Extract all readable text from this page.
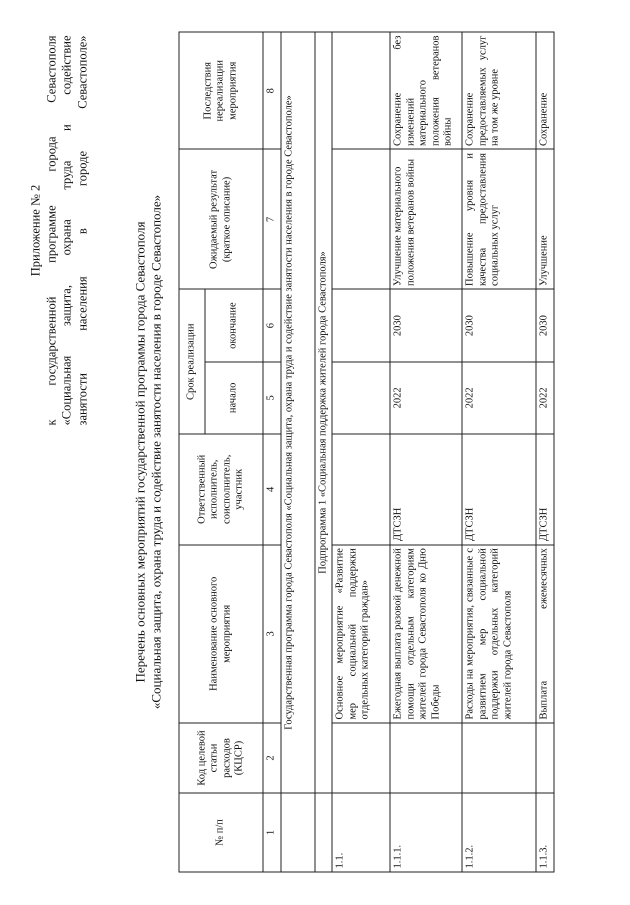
Приложение № 2 к государственной программе города Севастополя «Социальная защита, охрана труда и содействие занятости населения в городе Севастополе»	Перечень основных мероприятий государственной программы города Севастополя «Социальная защита, охрана труда и содействие занятости населения в городе Севастополе»
№ п/п	Код целевой статьи расходов (КЦСР)	Наименование основного мероприятия	Ответственный исполнитель, соисполнитель, участник	Срок реализации		Ожидаемый результат (краткое описание)	Последствия нереализации мероприятия
				начало	окончание		
1	2	3	4	5	6	7	8
	Государственная программа города Севастополя «Социальная защита, охрана труда и содействие занятости населения в городе Севастополе»						
	Подпрограмма 1 «Социальная поддержка жителей города Севастополя»						
1.1.		Основное мероприятие «Развитие мер социальной поддержки отдельных категорий граждан»					
1.1.1.		Ежегодная выплата разовой денежной помощи отдельным категориям жителей города Севастополя ко Дню Победы	ДТСЗН	2022	2030	Улучшение материального положения ветеранов войны	Сохранение без изменений материального положения ветеранов войны
1.1.2.		Расходы на мероприятия, связанные с развитием мер социальной поддержки отдельных категорий жителей города Севастополя	ДТСЗН	2022	2030	Повышение уровня и качества предоставления социальных услуг	Сохранение предоставляемых услуг на том же уровне
1.1.3.		Выплата ежемесячных	ДТСЗН	2022	2030	Улучшение	Сохранение
